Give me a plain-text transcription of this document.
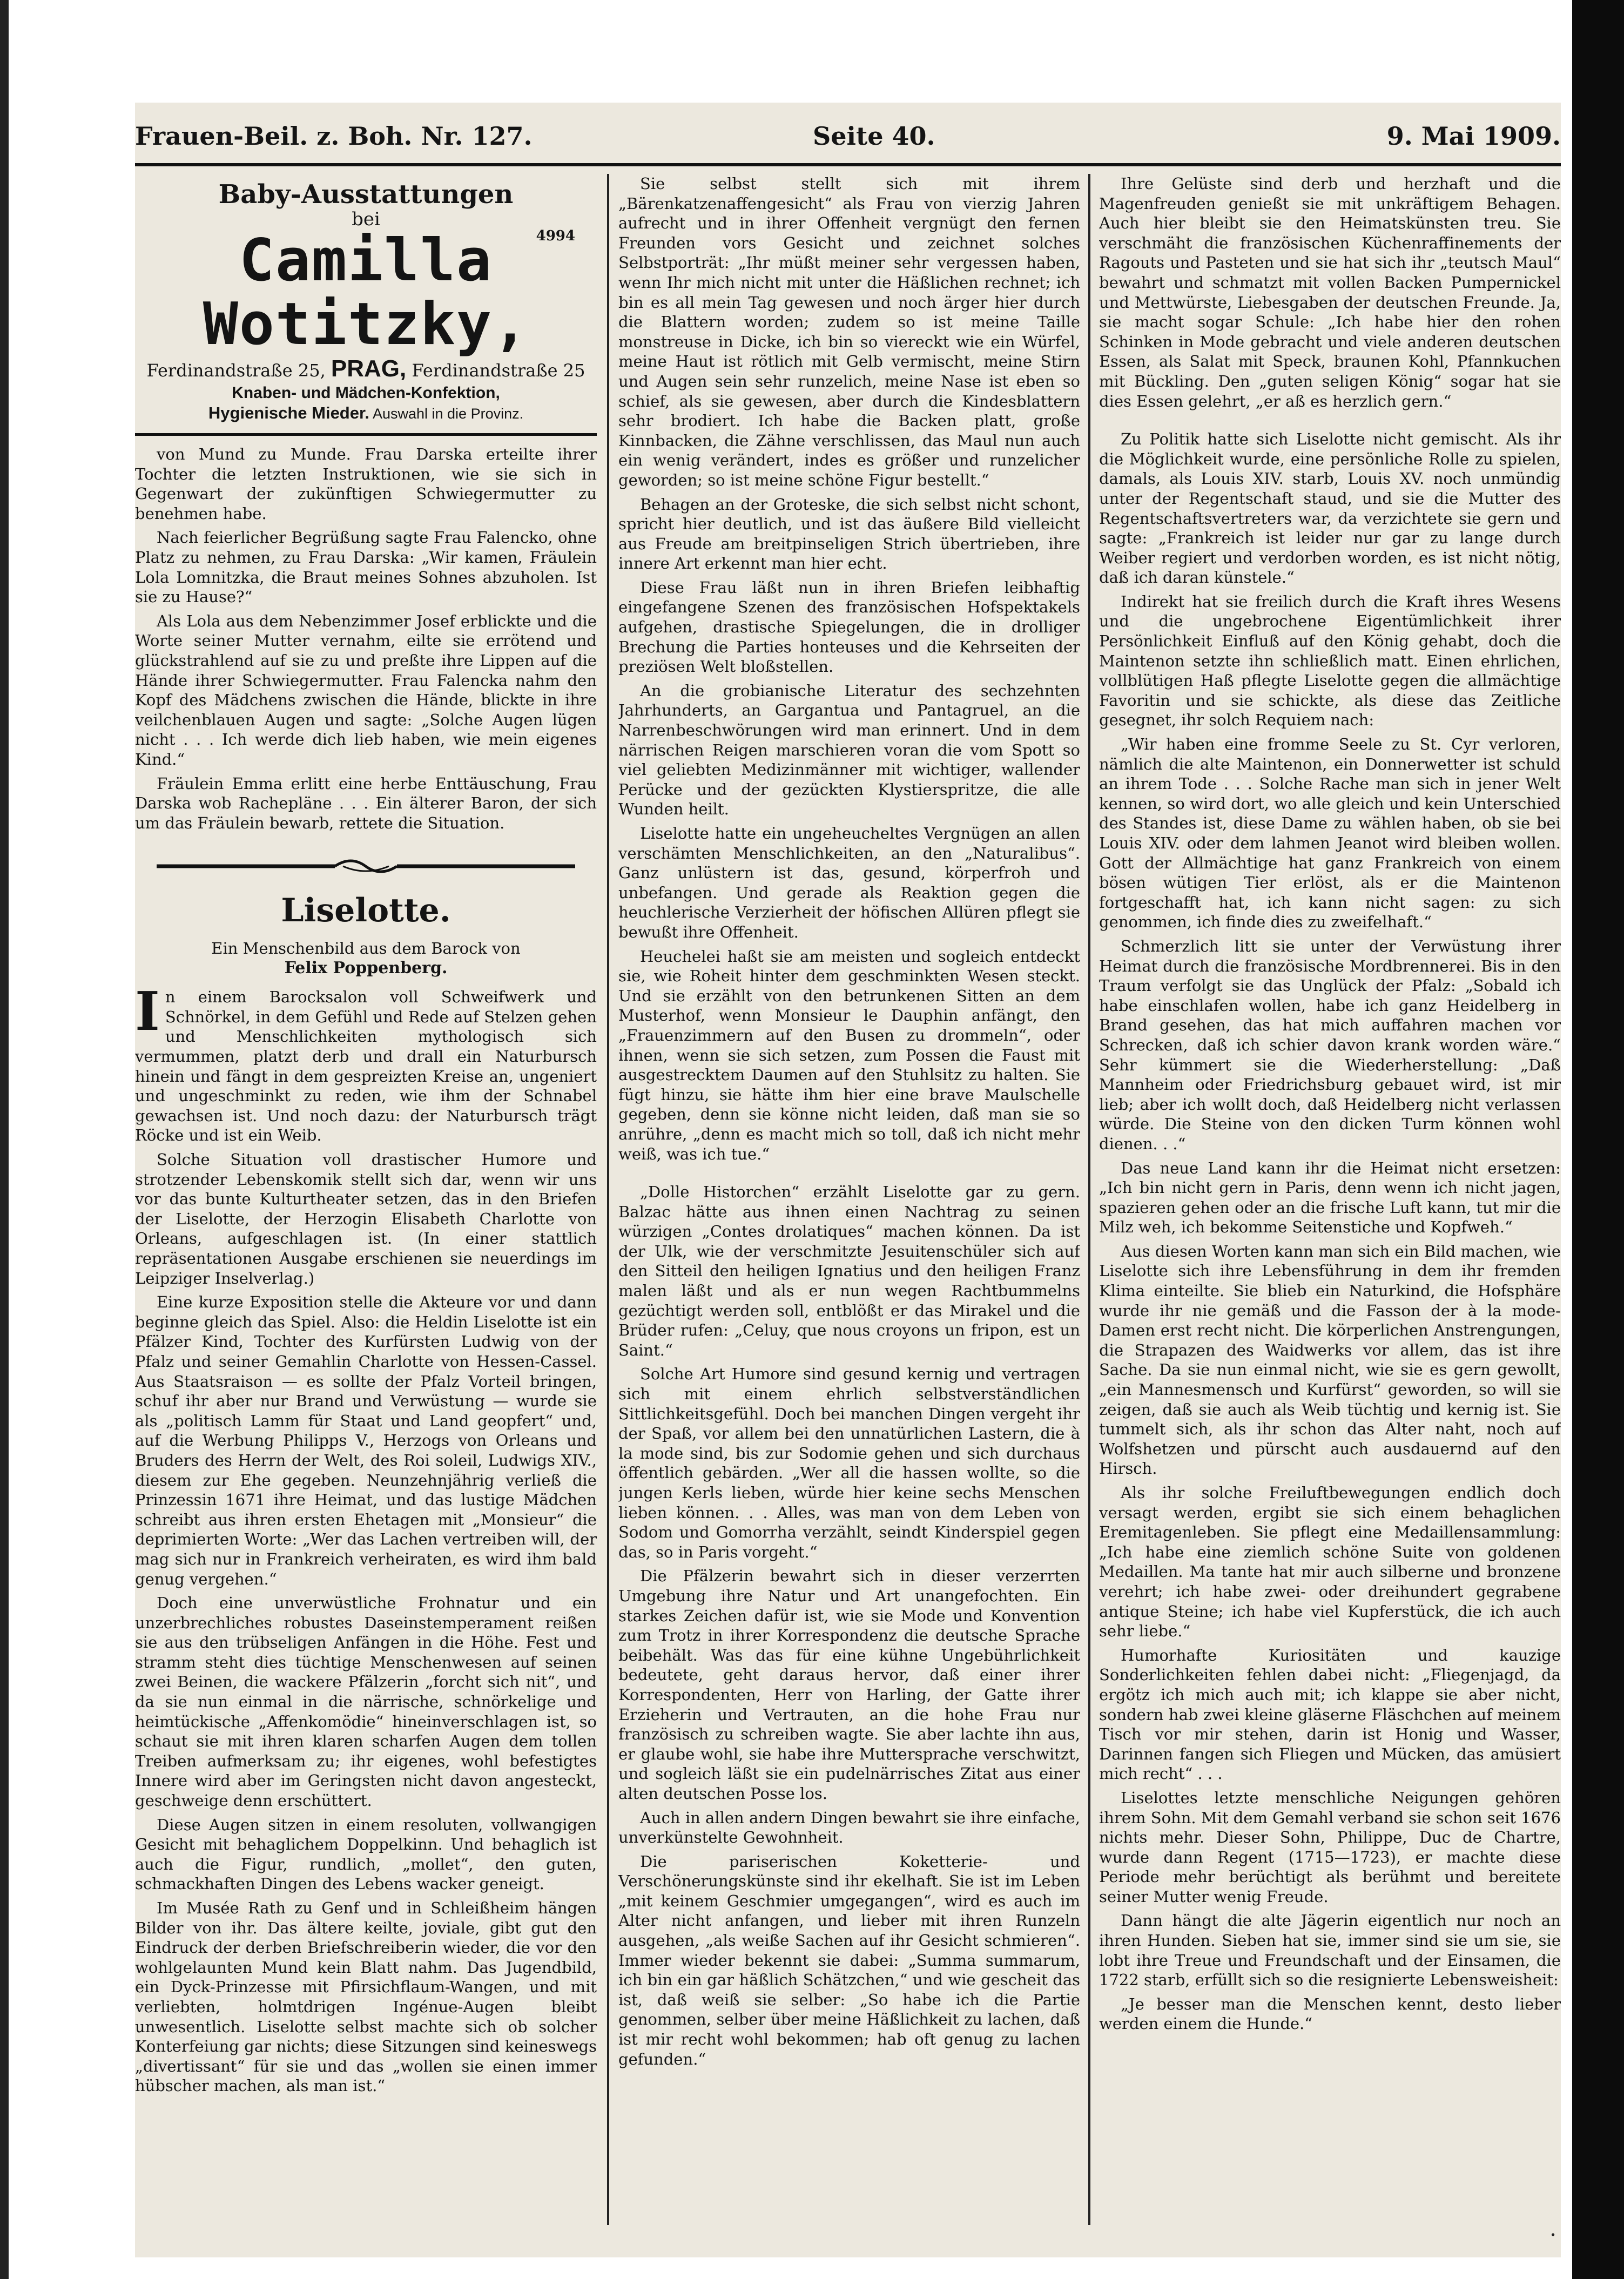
Frauen-Beil. z. Boh. Nr. 127.	Seite 40.	9. Mai 1909.
Baby-Ausstattungen
bei
4994
Camilla Wotitzky,
Ferdinandstraße 25, PRAG, Ferdinandstraße 25
Knaben- und Mädchen-Konfektion,
Hygienische Mieder. Auswahl in die Provinz.

von Mund zu Munde. Frau Darska erteilte ihrer Tochter die letzten Instruktionen, wie sie sich in Gegenwart der zukünftigen Schwiegermutter zu benehmen habe.

Nach feierlicher Begrüßung sagte Frau Falencko, ohne Platz zu nehmen, zu Frau Darska: „Wir kamen, Fräulein Lola Lomnitzka, die Braut meines Sohnes abzuholen. Ist sie zu Hause?“

Als Lola aus dem Nebenzimmer Josef erblickte und die Worte seiner Mutter vernahm, eilte sie errötend und glückstrahlend auf sie zu und preßte ihre Lippen auf die Hände ihrer Schwiegermutter. Frau Falencka nahm den Kopf des Mädchens zwischen die Hände, blickte in ihre veilchenblauen Augen und sagte: „Solche Augen lügen nicht . . . Ich werde dich lieb haben, wie mein eigenes Kind.“

Fräulein Emma erlitt eine herbe Enttäuschung, Frau Darska wob Rachepläne . . . Ein älterer Baron, der sich um das Fräulein bewarb, rettete die Situation.

Liselotte.

Ein Menschenbild aus dem Barock von

Felix Poppenberg.

In einem Barocksalon voll Schweifwerk und Schnörkel, in dem Gefühl und Rede auf Stelzen gehen und Menschlichkeiten mythologisch sich vermummen, platzt derb und drall ein Naturbursch hinein und fängt in dem gespreizten Kreise an, ungeniert und ungeschminkt zu reden, wie ihm der Schnabel gewachsen ist. Und noch dazu: der Naturbursch trägt Röcke und ist ein Weib.

Solche Situation voll drastischer Humore und strotzender Lebenskomik stellt sich dar, wenn wir uns vor das bunte Kulturtheater setzen, das in den Briefen der Liselotte, der Herzogin Elisabeth Charlotte von Orleans, aufgeschlagen ist. (In einer stattlich repräsentationen Ausgabe erschienen sie neuerdings im Leipziger Inselverlag.)

Eine kurze Exposition stelle die Akteure vor und dann beginne gleich das Spiel. Also: die Heldin Liselotte ist ein Pfälzer Kind, Tochter des Kurfürsten Ludwig von der Pfalz und seiner Gemahlin Charlotte von Hessen-Cassel. Aus Staatsraison — es sollte der Pfalz Vorteil bringen, schuf ihr aber nur Brand und Verwüstung — wurde sie als „politisch Lamm für Staat und Land geopfert“ und, auf die Werbung Philipps V., Herzogs von Orleans und Bruders des Herrn der Welt, des Roi soleil, Ludwigs XIV., diesem zur Ehe gegeben. Neunzehnjährig verließ die Prinzessin 1671 ihre Heimat, und das lustige Mädchen schreibt aus ihren ersten Ehetagen mit „Monsieur“ die deprimierten Worte: „Wer das Lachen vertreiben will, der mag sich nur in Frankreich verheiraten, es wird ihm bald genug vergehen.“

Doch eine unverwüstliche Frohnatur und ein unzerbrechliches robustes Daseinstemperament reißen sie aus den trübseligen Anfängen in die Höhe. Fest und stramm steht dies tüchtige Menschenwesen auf seinen zwei Beinen, die wackere Pfälzerin „forcht sich nit“, und da sie nun einmal in die närrische, schnörkelige und heimtückische „Affenkomödie“ hineinverschlagen ist, so schaut sie mit ihren klaren scharfen Augen dem tollen Treiben aufmerksam zu; ihr eigenes, wohl befestigtes Innere wird aber im Geringsten nicht davon angesteckt, geschweige denn erschüttert.

Diese Augen sitzen in einem resoluten, vollwangigen Gesicht mit behaglichem Doppelkinn. Und behaglich ist auch die Figur, rundlich, „mollet“, den guten, schmackhaften Dingen des Lebens wacker geneigt.

Im Musée Rath zu Genf und in Schleißheim hängen Bilder von ihr. Das ältere keilte, joviale, gibt gut den Eindruck der derben Briefschreiberin wieder, die vor den wohlgelaunten Mund kein Blatt nahm. Das Jugendbild, ein Dyck-Prinzesse mit Pfirsichflaum-Wangen, und mit verliebten, holmtdrigen Ingénue-Augen bleibt unwesentlich. Liselotte selbst machte sich ob solcher Konterfeiung gar nichts; diese Sitzungen sind keineswegs „divertissant“ für sie und das „wollen sie einen immer hübscher machen, als man ist.“

Sie selbst stellt sich mit ihrem „Bärenkatzenaffengesicht“ als Frau von vierzig Jahren aufrecht und in ihrer Offenheit vergnügt den fernen Freunden vors Gesicht und zeichnet solches Selbstporträt: „Ihr müßt meiner sehr vergessen haben, wenn Ihr mich nicht mit unter die Häßlichen rechnet; ich bin es all mein Tag gewesen und noch ärger hier durch die Blattern worden; zudem so ist meine Taille monstreuse in Dicke, ich bin so viereckt wie ein Würfel, meine Haut ist rötlich mit Gelb vermischt, meine Stirn und Augen sein sehr runzelich, meine Nase ist eben so schief, als sie gewesen, aber durch die Kindesblattern sehr brodiert. Ich habe die Backen platt, große Kinnbacken, die Zähne verschlissen, das Maul nun auch ein wenig verändert, indes es größer und runzelicher geworden; so ist meine schöne Figur bestellt.“

Behagen an der Groteske, die sich selbst nicht schont, spricht hier deutlich, und ist das äußere Bild vielleicht aus Freude am breitpinseligen Strich übertrieben, ihre innere Art erkennt man hier echt.

Diese Frau läßt nun in ihren Briefen leibhaftig eingefangene Szenen des französischen Hofspektakels aufgehen, drastische Spiegelungen, die in drolliger Brechung die Parties honteuses und die Kehrseiten der preziösen Welt bloßstellen.

An die grobianische Literatur des sechzehnten Jahrhunderts, an Gargantua und Pantagruel, an die Narrenbeschwörungen wird man erinnert. Und in dem närrischen Reigen marschieren voran die vom Spott so viel geliebten Medizinmänner mit wichtiger, wallender Perücke und der gezückten Klystierspritze, die alle Wunden heilt.

Liselotte hatte ein ungeheucheltes Vergnügen an allen verschämten Menschlichkeiten, an den „Naturalibus“. Ganz unlüstern ist das, gesund, körperfroh und unbefangen. Und gerade als Reaktion gegen die heuchlerische Verzierheit der höfischen Allüren pflegt sie bewußt ihre Offenheit.

Heuchelei haßt sie am meisten und sogleich entdeckt sie, wie Roheit hinter dem geschminkten Wesen steckt. Und sie erzählt von den betrunkenen Sitten an dem Musterhof, wenn Monsieur le Dauphin anfängt, den „Frauenzimmern auf den Busen zu drommeln“, oder ihnen, wenn sie sich setzen, zum Possen die Faust mit ausgestrecktem Daumen auf den Stuhlsitz zu halten. Sie fügt hinzu, sie hätte ihm hier eine brave Maulschelle gegeben, denn sie könne nicht leiden, daß man sie so anrühre, „denn es macht mich so toll, daß ich nicht mehr weiß, was ich tue.“

„Dolle Historchen“ erzählt Liselotte gar zu gern. Balzac hätte aus ihnen einen Nachtrag zu seinen würzigen „Contes drolatiques“ machen können. Da ist der Ulk, wie der verschmitzte Jesuitenschüler sich auf den Sitteil den heiligen Ignatius und den heiligen Franz malen läßt und als er nun wegen Rachtbummelns gezüchtigt werden soll, entblößt er das Mirakel und die Brüder rufen: „Celuy, que nous croyons un fripon, est un Saint.“

Solche Art Humore sind gesund kernig und vertragen sich mit einem ehrlich selbstverständlichen Sittlichkeitsgefühl. Doch bei manchen Dingen vergeht ihr der Spaß, vor allem bei den unnatürlichen Lastern, die à la mode sind, bis zur Sodomie gehen und sich durchaus öffentlich gebärden. „Wer all die hassen wollte, so die jungen Kerls lieben, würde hier keine sechs Menschen lieben können. . . Alles, was man von dem Leben von Sodom und Gomorrha verzählt, seindt Kinderspiel gegen das, so in Paris vorgeht.“

Die Pfälzerin bewahrt sich in dieser verzerrten Umgebung ihre Natur und Art unangefochten. Ein starkes Zeichen dafür ist, wie sie Mode und Konvention zum Trotz in ihrer Korrespondenz die deutsche Sprache beibehält. Was das für eine kühne Ungebührlichkeit bedeutete, geht daraus hervor, daß einer ihrer Korrespondenten, Herr von Harling, der Gatte ihrer Erzieherin und Vertrauten, an die hohe Frau nur französisch zu schreiben wagte. Sie aber lachte ihn aus, er glaube wohl, sie habe ihre Muttersprache verschwitzt, und sogleich läßt sie ein pudelnärrisches Zitat aus einer alten deutschen Posse los.

Auch in allen andern Dingen bewahrt sie ihre einfache, unverkünstelte Gewohnheit.

Die pariserischen Koketterie- und Verschönerungskünste sind ihr ekelhaft. Sie ist im Leben „mit keinem Geschmier umgegangen“, wird es auch im Alter nicht anfangen, und lieber mit ihren Runzeln ausgehen, „als weiße Sachen auf ihr Gesicht schmieren“. Immer wieder bekennt sie dabei: „Summa summarum, ich bin ein gar häßlich Schätzchen,“ und wie gescheit das ist, daß weiß sie selber: „So habe ich die Partie genommen, selber über meine Häßlichkeit zu lachen, daß ist mir recht wohl bekommen; hab oft genug zu lachen gefunden.“

Ihre Gelüste sind derb und herzhaft und die Magenfreuden genießt sie mit unkräftigem Behagen. Auch hier bleibt sie den Heimatskünsten treu. Sie verschmäht die französischen Küchenraffinements der Ragouts und Pasteten und sie hat sich ihr „teutsch Maul“ bewahrt und schmatzt mit vollen Backen Pumpernickel und Mettwürste, Liebesgaben der deutschen Freunde. Ja, sie macht sogar Schule: „Ich habe hier den rohen Schinken in Mode gebracht und viele anderen deutschen Essen, als Salat mit Speck, braunen Kohl, Pfannkuchen mit Bückling. Den „guten seligen König“ sogar hat sie dies Essen gelehrt, „er aß es herzlich gern.“

Zu Politik hatte sich Liselotte nicht gemischt. Als ihr die Möglichkeit wurde, eine persönliche Rolle zu spielen, damals, als Louis XIV. starb, Louis XV. noch unmündig unter der Regentschaft staud, und sie die Mutter des Regentschaftsvertreters war, da verzichtete sie gern und sagte: „Frankreich ist leider nur gar zu lange durch Weiber regiert und verdorben worden, es ist nicht nötig, daß ich daran künstele.“

Indirekt hat sie freilich durch die Kraft ihres Wesens und die ungebrochene Eigentümlichkeit ihrer Persönlichkeit Einfluß auf den König gehabt, doch die Maintenon setzte ihn schließlich matt. Einen ehrlichen, vollblütigen Haß pflegte Liselotte gegen die allmächtige Favoritin und sie schickte, als diese das Zeitliche gesegnet, ihr solch Requiem nach:

„Wir haben eine fromme Seele zu St. Cyr verloren, nämlich die alte Maintenon, ein Donnerwetter ist schuld an ihrem Tode . . . Solche Rache man sich in jener Welt kennen, so wird dort, wo alle gleich und kein Unterschied des Standes ist, diese Dame zu wählen haben, ob sie bei Louis XIV. oder dem lahmen Jeanot wird bleiben wollen. Gott der Allmächtige hat ganz Frankreich von einem bösen wütigen Tier erlöst, als er die Maintenon fortgeschafft hat, ich kann nicht sagen: zu sich genommen, ich finde dies zu zweifelhaft.“

Schmerzlich litt sie unter der Verwüstung ihrer Heimat durch die französische Mordbrennerei. Bis in den Traum verfolgt sie das Unglück der Pfalz: „Sobald ich habe einschlafen wollen, habe ich ganz Heidelberg in Brand gesehen, das hat mich auffahren machen vor Schrecken, daß ich schier davon krank worden wäre.“ Sehr kümmert sie die Wiederherstellung: „Daß Mannheim oder Friedrichsburg gebauet wird, ist mir lieb; aber ich wollt doch, daß Heidelberg nicht verlassen würde. Die Steine von den dicken Turm können wohl dienen. . .“

Das neue Land kann ihr die Heimat nicht ersetzen: „Ich bin nicht gern in Paris, denn wenn ich nicht jagen, spazieren gehen oder an die frische Luft kann, tut mir die Milz weh, ich bekomme Seitenstiche und Kopfweh.“

Aus diesen Worten kann man sich ein Bild machen, wie Liselotte sich ihre Lebensführung in dem ihr fremden Klima einteilte. Sie blieb ein Naturkind, die Hofsphäre wurde ihr nie gemäß und die Fasson der à la mode-Damen erst recht nicht. Die körperlichen Anstrengungen, die Strapazen des Waidwerks vor allem, das ist ihre Sache. Da sie nun einmal nicht, wie sie es gern gewollt, „ein Mannesmensch und Kurfürst“ geworden, so will sie zeigen, daß sie auch als Weib tüchtig und kernig ist. Sie tummelt sich, als ihr schon das Alter naht, noch auf Wolfshetzen und pürscht auch ausdauernd auf den Hirsch.

Als ihr solche Freiluftbewegungen endlich doch versagt werden, ergibt sie sich einem behaglichen Eremitagenleben. Sie pflegt eine Medaillensammlung: „Ich habe eine ziemlich schöne Suite von goldenen Medaillen. Ma tante hat mir auch silberne und bronzene verehrt; ich habe zwei- oder dreihundert gegrabene antique Steine; ich habe viel Kupferstück, die ich auch sehr liebe.“

Humorhafte Kuriositäten und kauzige Sonderlichkeiten fehlen dabei nicht: „Fliegenjagd, da ergötz ich mich auch mit; ich klappe sie aber nicht, sondern hab zwei kleine gläserne Fläschchen auf meinem Tisch vor mir stehen, darin ist Honig und Wasser, Darinnen fangen sich Fliegen und Mücken, das amüsiert mich recht“ . . .

Liselottes letzte menschliche Neigungen gehören ihrem Sohn. Mit dem Gemahl verband sie schon seit 1676 nichts mehr. Dieser Sohn, Philippe, Duc de Chartre, wurde dann Regent (1715—1723), er machte diese Periode mehr berüchtigt als berühmt und bereitete seiner Mutter wenig Freude.

Dann hängt die alte Jägerin eigentlich nur noch an ihren Hunden. Sieben hat sie, immer sind sie um sie, sie lobt ihre Treue und Freundschaft und der Einsamen, die 1722 starb, erfüllt sich so die resignierte Lebensweisheit:

„Je besser man die Menschen kennt, desto lieber werden einem die Hunde.“

·
